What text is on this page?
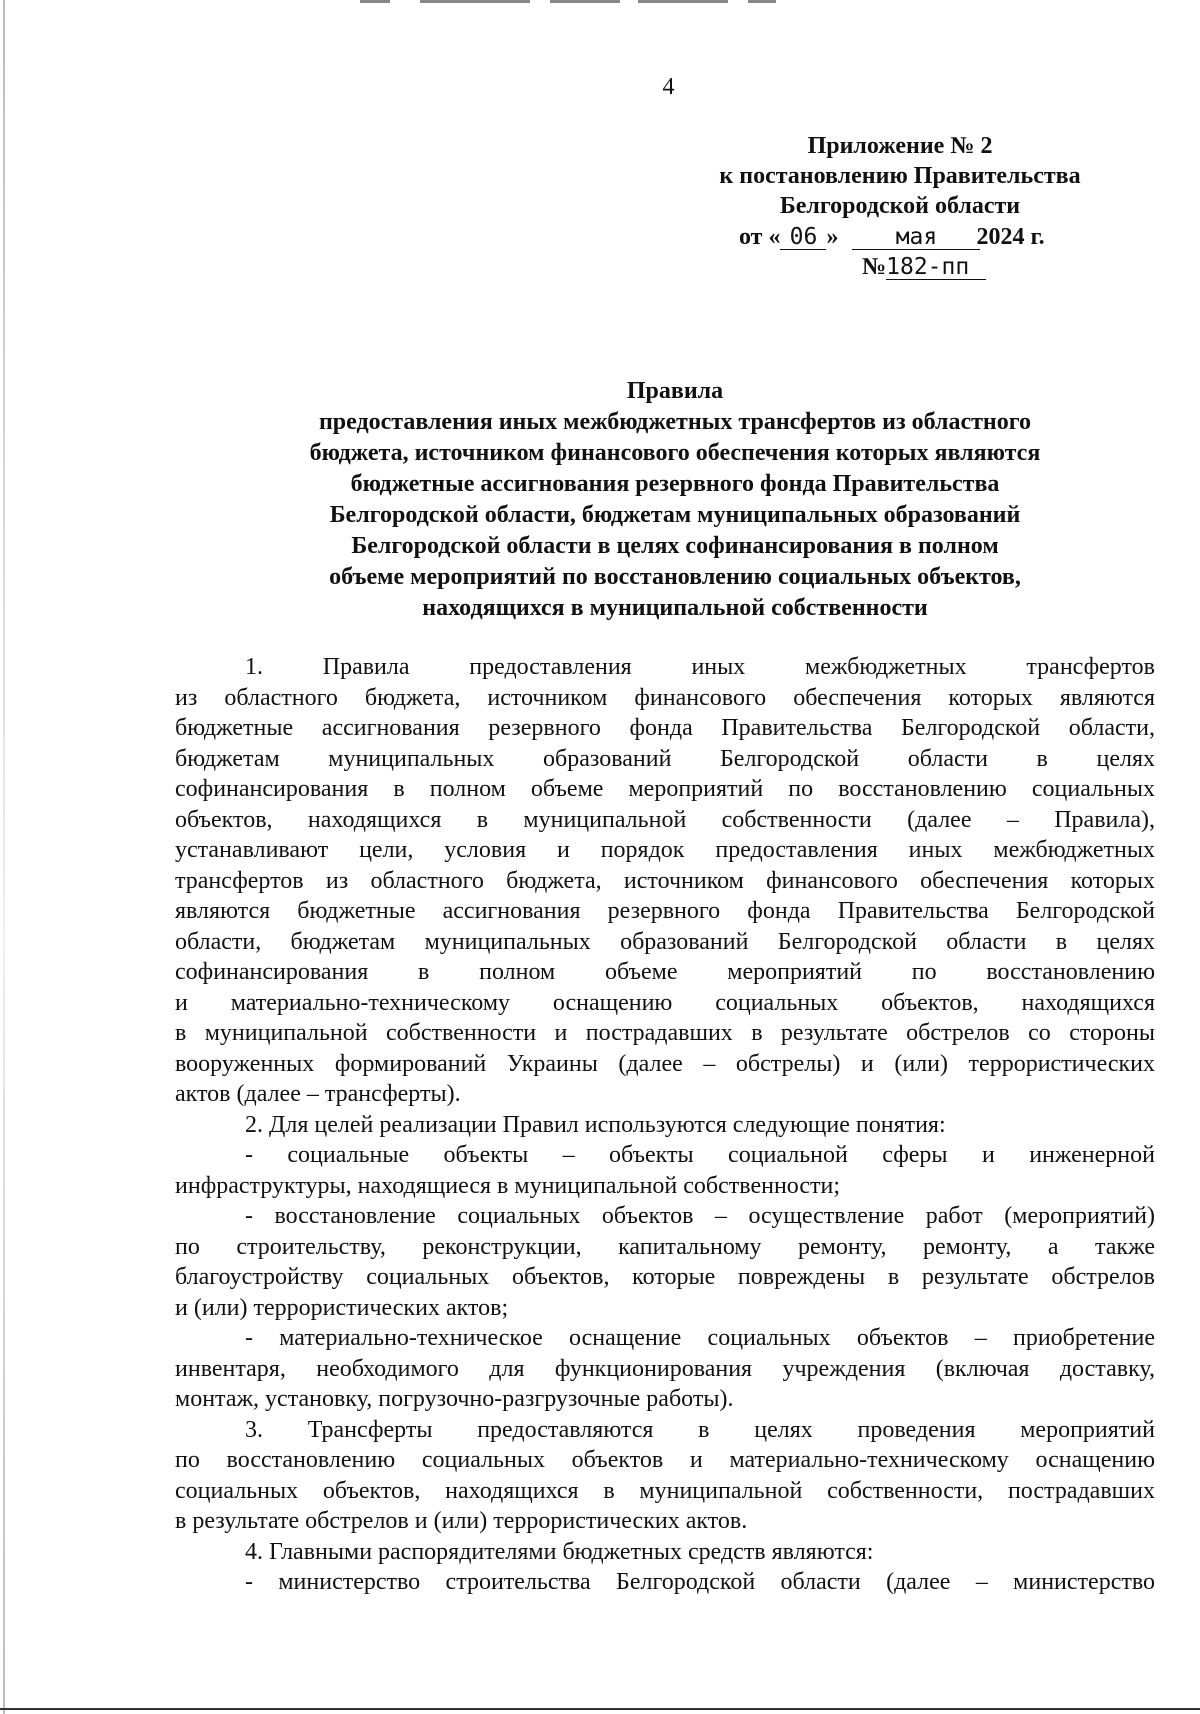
4
Приложение № 2
к постановлению Правительства
Белгородской области
от « 06 » мая 2024 г.
№182-пп
Правила
предоставления иных межбюджетных трансфертов из областного
бюджета, источником финансового обеспечения которых являются
бюджетные ассигнования резервного фонда Правительства
Белгородской области, бюджетам муниципальных образований
Белгородской области в целях софинансирования в полном
объеме мероприятий по восстановлению социальных объектов,
находящихся в муниципальной собственности
1. Правила предоставления иных межбюджетных трансфертов
из областного бюджета, источником финансового обеспечения которых являются
бюджетные ассигнования резервного фонда Правительства Белгородской области,
бюджетам муниципальных образований Белгородской области в целях
софинансирования в полном объеме мероприятий по восстановлению социальных
объектов, находящихся в муниципальной собственности (далее – Правила),
устанавливают цели, условия и порядок предоставления иных межбюджетных
трансфертов из областного бюджета, источником финансового обеспечения которых
являются бюджетные ассигнования резервного фонда Правительства Белгородской
области, бюджетам муниципальных образований Белгородской области в целях
софинансирования в полном объеме мероприятий по восстановлению
и материально-техническому оснащению социальных объектов, находящихся
в муниципальной собственности и пострадавших в результате обстрелов со стороны
вооруженных формирований Украины (далее – обстрелы) и (или) террористических
актов (далее – трансферты).
2. Для целей реализации Правил используются следующие понятия:
- социальные объекты – объекты социальной сферы и инженерной
инфраструктуры, находящиеся в муниципальной собственности;
- восстановление социальных объектов – осуществление работ (мероприятий)
по строительству, реконструкции, капитальному ремонту, ремонту, а также
благоустройству социальных объектов, которые повреждены в результате обстрелов
и (или) террористических актов;
- материально-техническое оснащение социальных объектов – приобретение
инвентаря, необходимого для функционирования учреждения (включая доставку,
монтаж, установку, погрузочно-разгрузочные работы).
3. Трансферты предоставляются в целях проведения мероприятий
по восстановлению социальных объектов и материально-техническому оснащению
социальных объектов, находящихся в муниципальной собственности, пострадавших
в результате обстрелов и (или) террористических актов.
4. Главными распорядителями бюджетных средств являются:
- министерство строительства Белгородской области (далее – министерство
